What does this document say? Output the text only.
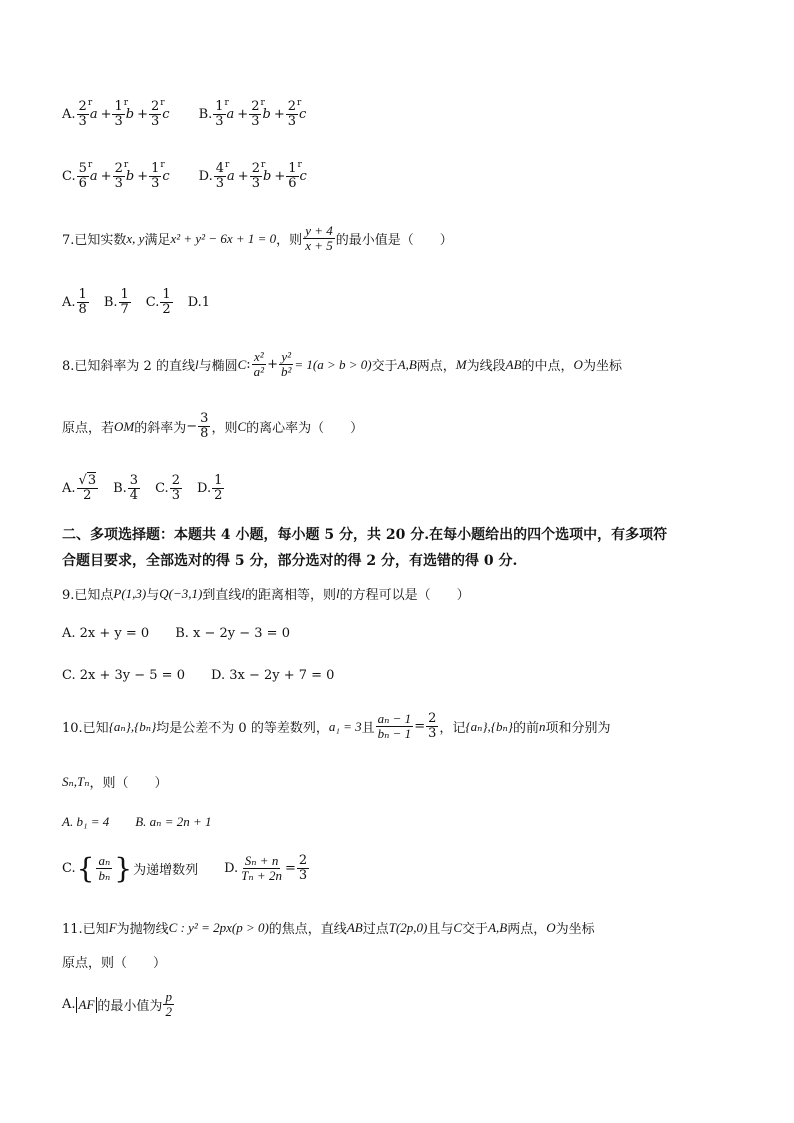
A. $\frac{2}{3}$ r
$a + \frac{1}{3}$ r
$b + \frac{2}{3}$ r
c B. $\frac{1}{3}$ r
$a + \frac{2}{3}$ r
$b + \frac{2}{3}$ r
c
C. $\frac{5}{6}$ r
$a + \frac{2}{3}$ r
$b + \frac{1}{3}$ r
c D. $\frac{4}{3}$ r
$a + \frac{2}{3}$ r
$b + \frac{1}{6}$ r
c
7.已知实数 x, y 满足 x² + y² − 6x + 1 = 0 ，则 $\frac{y + 4}{x + 5}$ 的最小值是（　　）
A. $\frac{1}{8} B$. $\frac{1}{7} C$. $\frac{1}{2} D.1$
8.已知斜率为 2 的直线 l 与椭圆 C : $\frac{\text{x²}}{\text{a²}} + \frac{\text{y²}}{\text{b²}} = 1(a > b > 0)$ 交于 A,B 两点， M 为线段 AB 的中点， O 为坐标
原点，若 OM 的斜率为 − $\frac{3}{8}$ ，则 C 的离心率为（　　）
A. $\frac{√3}{2} B$. $\frac{3}{4} C$. $\frac{2}{3} D$. $\frac{1}{2}$
二、多项选择题：本题共 4 小题，每小题 5 分，共 20 分.在每小题给出的四个选项中，有多项符
合题目要求，全部选对的得 5 分，部分选对的得 2 分，有选错的得 0 分.
9.已知点 P(1,3) 与 Q(−3,1) 到直线 l 的距离相等，则 l 的方程可以是（　　）
A. 2x + y = 0 B. x − 2y − 3 = 0
C. 2x + 3y − 5 = 0 D. 3x − 2y + 7 = 0
10.已知 {aₙ},{bₙ} 均是公差不为 0 的等差数列， a₁ = 3 且 $\frac{\text{aₙ − 1}}{\text{bₙ − 1}} = \frac{2}{3}$ ，记 {aₙ},{bₙ} 的前 n 项和分别为
Sₙ,Tₙ ，则（　　）
A. b₁ = 4 B. aₙ = 2n + 1
C. { $\frac{\text{aₙ}}{\text{bₙ}}$ } 为递增数列 D. $\frac{\text{Sₙ + n}}{\text{Tₙ + 2n}} = \frac{2}{3}$
11.已知 F 为抛物线 C : y² = 2px(p > 0) 的焦点，直线 AB 过点 T(2p,0) 且与 C 交于 A,B 两点， O 为坐标
原点，则（　　）
A. AF 的最小值为 $\frac{p}{2}$
